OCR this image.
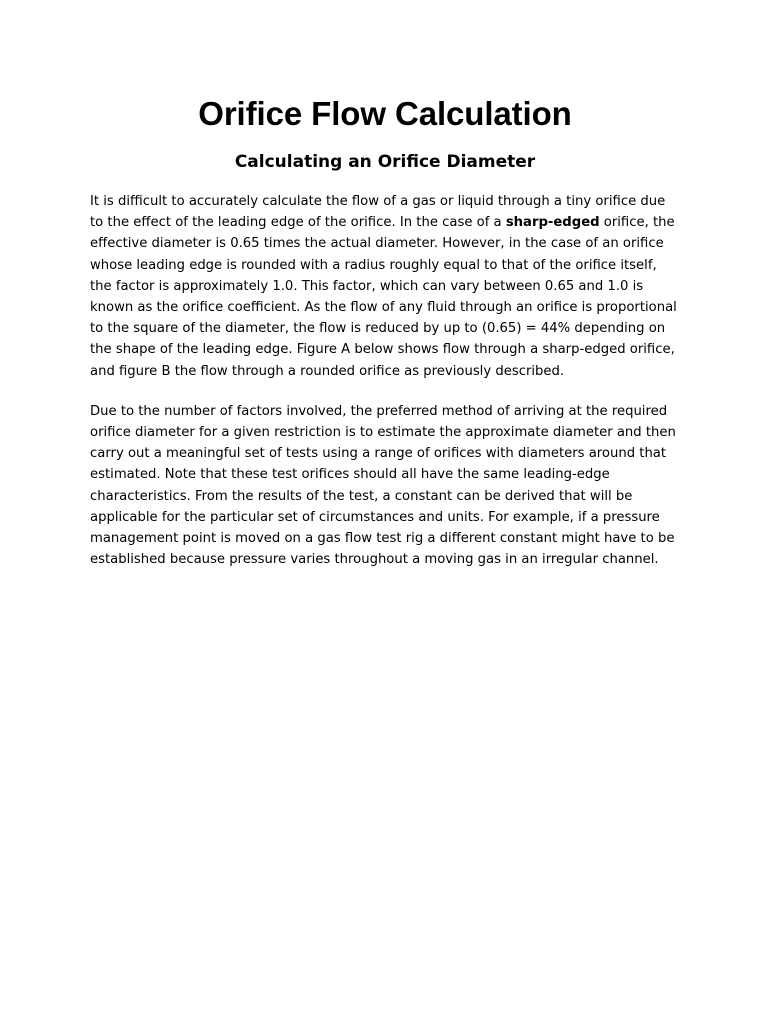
Orifice Flow Calculation
Calculating an Orifice Diameter

It is difficult to accurately calculate the flow of a gas or liquid through a tiny orifice due to the effect of the leading edge of the orifice. In the case of a sharp-edged orifice, the effective diameter is 0.65 times the actual diameter. However, in the case of an orifice whose leading edge is rounded with a radius roughly equal to that of the orifice itself, the factor is approximately 1.0. This factor, which can vary between 0.65 and 1.0 is known as the orifice coefficient. As the flow of any fluid through an orifice is proportional to the square of the diameter, the flow is reduced by up to (0.65) = 44% depending on the shape of the leading edge. Figure A below shows flow through a sharp-edged orifice, and figure B the flow through a rounded orifice as previously described.

Due to the number of factors involved, the preferred method of arriving at the required orifice diameter for a given restriction is to estimate the approximate diameter and then carry out a meaningful set of tests using a range of orifices with diameters around that estimated. Note that these test orifices should all have the same leading-edge characteristics. From the results of the test, a constant can be derived that will be applicable for the particular set of circumstances and units. For example, if a pressure management point is moved on a gas flow test rig a different constant might have to be established because pressure varies throughout a moving gas in an irregular channel.
